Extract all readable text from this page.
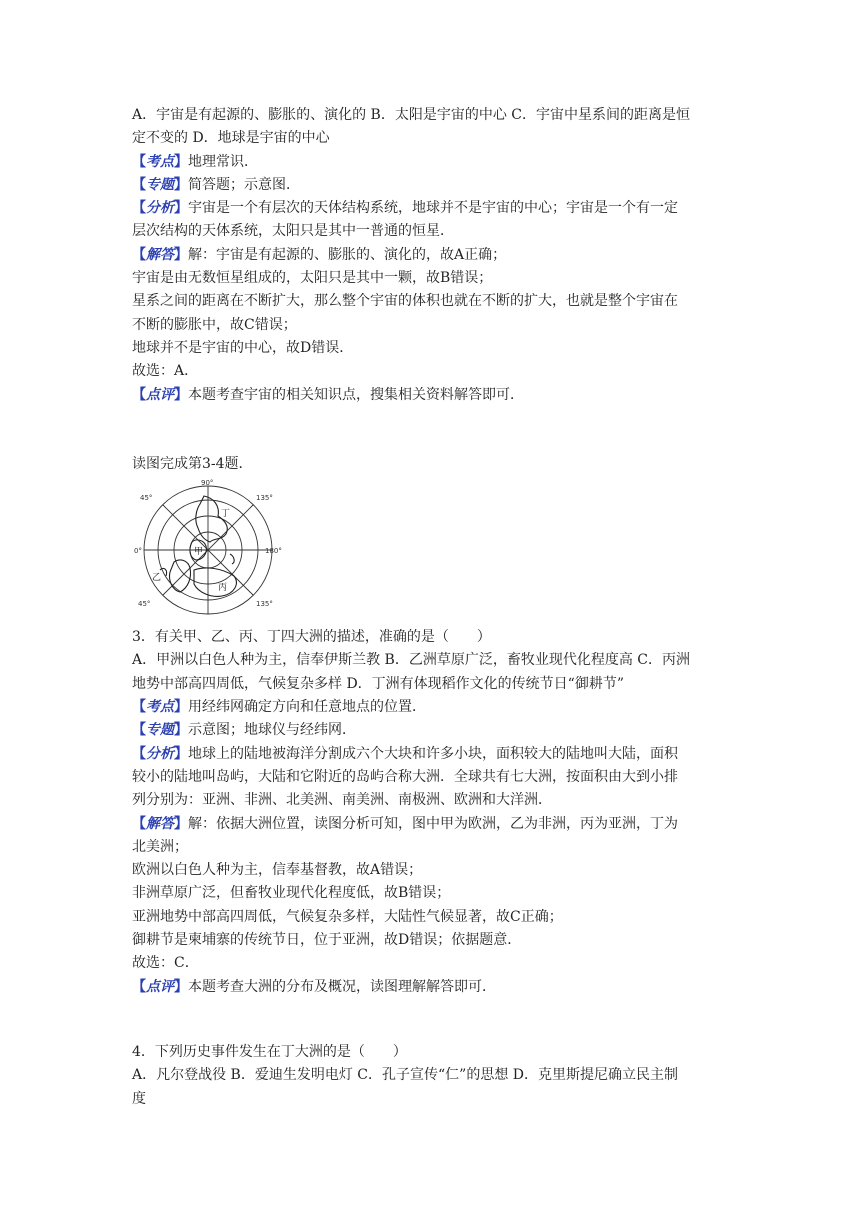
A．宇宙是有起源的、膨胀的、演化的 B．太阳是宇宙的中心 C．宇宙中星系间的距离是恒
定不变的 D．地球是宇宙的中心
【考点】地理常识．
【专题】简答题；示意图．
【分析】宇宙是一个有层次的天体结构系统，地球并不是宇宙的中心；宇宙是一个有一定
层次结构的天体系统，太阳只是其中一普通的恒星．
【解答】解：宇宙是有起源的、膨胀的、演化的，故A正确；
宇宙是由无数恒星组成的，太阳只是其中一颗，故B错误；
星系之间的距离在不断扩大，那么整个宇宙的体积也就在不断的扩大，也就是整个宇宙在
不断的膨胀中，故C错误；
地球并不是宇宙的中心，故D错误．
故选：A．
【点评】本题考查宇宙的相关知识点，搜集相关资料解答即可．
读图完成第3-4题．
90°
45°	135°
0°	180°
45°	135°
丁
乙
丙
甲
3．有关甲、乙、丙、丁四大洲的描述，准确的是（　　）
A．甲洲以白色人种为主，信奉伊斯兰教 B．乙洲草原广泛，畜牧业现代化程度高 C．丙洲
地势中部高四周低，气候复杂多样 D．丁洲有体现稻作文化的传统节日“御耕节”
【考点】用经纬网确定方向和任意地点的位置．
【专题】示意图；地球仪与经纬网．
【分析】地球上的陆地被海洋分割成六个大块和许多小块，面积较大的陆地叫大陆，面积
较小的陆地叫岛屿，大陆和它附近的岛屿合称大洲．全球共有七大洲，按面积由大到小排
列分别为：亚洲、非洲、北美洲、南美洲、南极洲、欧洲和大洋洲．
【解答】解：依据大洲位置，读图分析可知，图中甲为欧洲，乙为非洲，丙为亚洲，丁为
北美洲；
欧洲以白色人种为主，信奉基督教，故A错误；
非洲草原广泛，但畜牧业现代化程度低，故B错误；
亚洲地势中部高四周低，气候复杂多样，大陆性气候显著，故C正确；
御耕节是柬埔寨的传统节日，位于亚洲，故D错误；依据题意．
故选：C．
【点评】本题考查大洲的分布及概况，读图理解解答即可．
4．下列历史事件发生在丁大洲的是（　　）
A．凡尔登战役 B．爱迪生发明电灯 C．孔子宣传“仁”的思想 D．克里斯提尼确立民主制
度
